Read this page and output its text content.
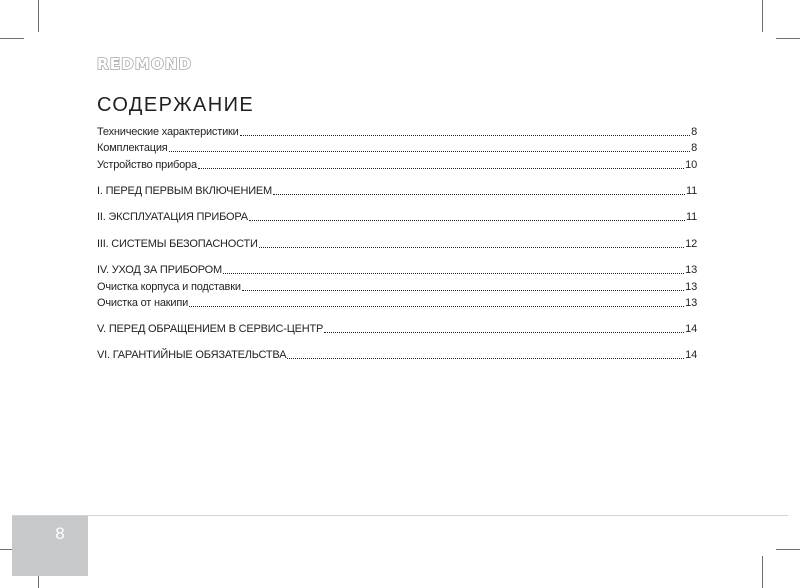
REDMOND
СОДЕРЖАНИЕ
Технические характеристики	8
Комплектация	8
Устройство прибора	10
I. ПЕРЕД ПЕРВЫМ ВКЛЮЧЕНИЕМ	11
II. ЭКСПЛУАТАЦИЯ ПРИБОРА	11
III. СИСТЕМЫ БЕЗОПАСНОСТИ	12
IV. УХОД ЗА ПРИБОРОМ	13
Очистка корпуса и подставки	13
Очистка от накипи	13
V. ПЕРЕД ОБРАЩЕНИЕМ В СЕРВИС-ЦЕНТР	14
VI. ГАРАНТИЙНЫЕ ОБЯЗАТЕЛЬСТВА	14
8
